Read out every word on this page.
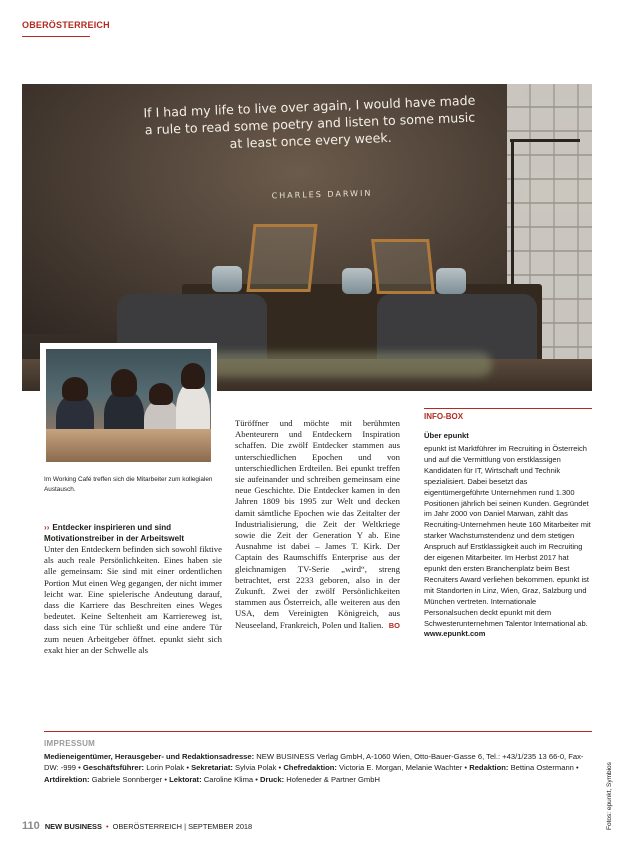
OBERÖSTERREICH
If I had my life to live over again, I would have made a rule to read some poetry and listen to some music at least once every week.
CHARLES DARWIN
Im Working Café treffen sich die Mitarbeiter zum kollegialen Austausch.
›› Entdecker inspirieren und sind Motivationstreiber in der Arbeitswelt
Unter den Entdeckern befinden sich sowohl fiktive als auch reale Persönlichkeiten. Eines haben sie alle gemeinsam: Sie sind mit einer ordentlichen Portion Mut einen Weg gegangen, der nicht immer leicht war. Eine spielerische Andeutung darauf, dass die Karriere das Beschreiten eines Weges bedeutet. Keine Seltenheit am Karriereweg ist, dass sich eine Tür schließt und eine andere Tür zum neuen Arbeitgeber öffnet. epunkt sieht sich exakt hier an der Schwelle als
Türöffner und möchte mit berühmten Abenteurern und Entdeckern Inspiration schaffen. Die zwölf Entdecker stammen aus unterschiedlichen Epochen und von unterschiedlichen Erdteilen. Bei epunkt treffen sie aufeinander und schreiben gemeinsam eine neue Geschichte. Die Entdecker kamen in den Jahren 1809 bis 1995 zur Welt und decken damit sämtliche Epochen wie das Zeitalter der Industrialisierung, die Zeit der Weltkriege sowie die Zeit der Generation Y ab. Eine Ausnahme ist dabei – James T. Kirk. Der Captain des Raumschiffs Enterprise aus der gleichnamigen TV-Serie „wird“, streng betrachtet, erst 2233 geboren, also in der Zukunft. Zwei der zwölf Persönlichkeiten stammen aus Österreich, alle weiteren aus den USA, dem Vereinigten Königreich, aus Neuseeland, Frankreich, Polen und Italien. BO
INFO-BOX
Über epunkt
epunkt ist Marktführer im Recruiting in Österreich und auf die Vermittlung von erstklassigen Kandidaten für IT, Wirtschaft und Technik spezialisiert. Dabei besetzt das eigentümergeführte Unternehmen rund 1.300 Positionen jährlich bei seinen Kunden. Gegründet im Jahr 2000 von Daniel Marwan, zählt das Recruiting-Unternehmen heute 160 Mitarbeiter mit starker Wachstumstendenz und dem stetigen Anspruch auf Erstklassigkeit auch im Recruiting der eigenen Mitarbeiter. Im Herbst 2017 hat epunkt den ersten Branchenplatz beim Best Recruiters Award verliehen bekommen. epunkt ist mit Standorten in Linz, Wien, Graz, Salzburg und München vertreten. Internationale Personalsuchen deckt epunkt mit dem Schwesterunternehmen Talentor International ab.
www.epunkt.com
IMPRESSUM
Medieneigentümer, Herausgeber- und Redaktionsadresse: NEW BUSINESS Verlag GmbH, A-1060 Wien, Otto-Bauer-Gasse 6, Tel.: +43/1/235 13 66-0, Fax-DW: -999 • Geschäftsführer: Lorin Polak • Sekretariat: Sylvia Polak • Chefredaktion: Victoria E. Morgan, Melanie Wachter • Redaktion: Bettina Ostermann • Artdirektion: Gabriele Sonnberger • Lektorat: Caroline Klima • Druck: Hofeneder & Partner GmbH	Fotos: epunkt, Symbios
110 NEW BUSINESS • OBERÖSTERREICH | SEPTEMBER 2018
